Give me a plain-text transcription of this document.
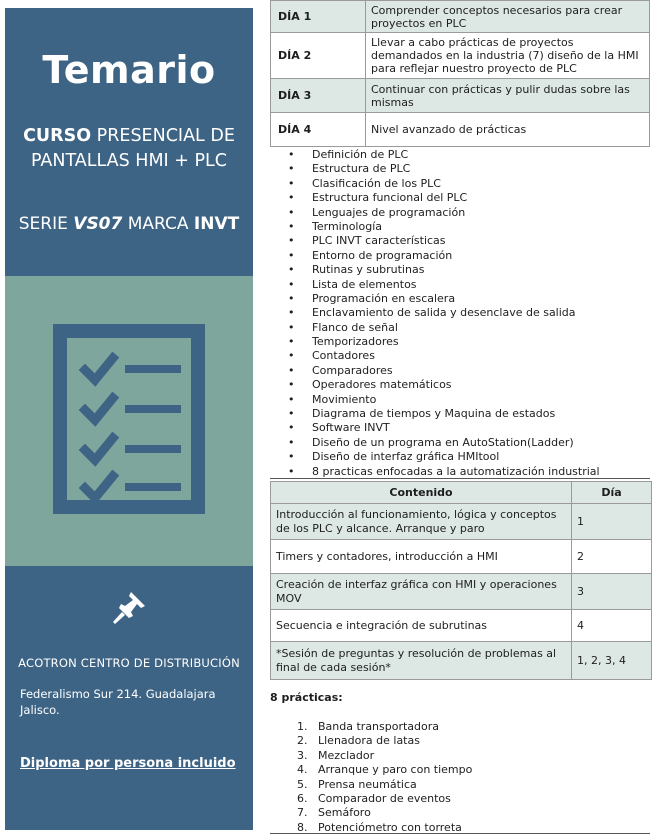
Temario
CURSO PRESENCIAL DE
PANTALLAS HMI + PLC
SERIE VS07 MARCA INVT
ACOTRON CENTRO DE DISTRIBUCIÓN
Federalismo Sur 214. Guadalajara Jalisco.
Diploma por persona incluido
DÍA 1	Comprender conceptos necesarios para crear proyectos en PLC
DÍA 2	Llevar a cabo prácticas de proyectos demandados en la industria (7) diseño de la HMI para reflejar nuestro proyecto de PLC
DÍA 3	Continuar con prácticas y pulir dudas sobre las mismas
DÍA 4	Nivel avanzado de prácticas
• Definición de PLC
• Estructura de PLC
• Clasificación de los PLC
• Estructura funcional del PLC
• Lenguajes de programación
• Terminología
• PLC INVT características
• Entorno de programación
• Rutinas y subrutinas
• Lista de elementos
• Programación en escalera
• Enclavamiento de salida y desenclave de salida
• Flanco de señal
• Temporizadores
• Contadores
• Comparadores
• Operadores matemáticos
• Movimiento
• Diagrama de tiempos y Maquina de estados
• Software INVT
• Diseño de un programa en AutoStation(Ladder)
• Diseño de interfaz gráfica HMItool
• 8 practicas enfocadas a la automatización industrial
Contenido	Día
Introducción al funcionamiento, lógica y conceptos de los PLC y alcance. Arranque y paro	1
Timers y contadores, introducción a HMI	2
Creación de interfaz gráfica con HMI y operaciones MOV	3
Secuencia e integración de subrutinas	4
*Sesión de preguntas y resolución de problemas al final de cada sesión*	1, 2, 3, 4
8 prácticas:
1. Banda transportadora
2. Llenadora de latas
3. Mezclador
4. Arranque y paro con tiempo
5. Prensa neumática
6. Comparador de eventos
7. Semáforo
8. Potenciómetro con torreta
